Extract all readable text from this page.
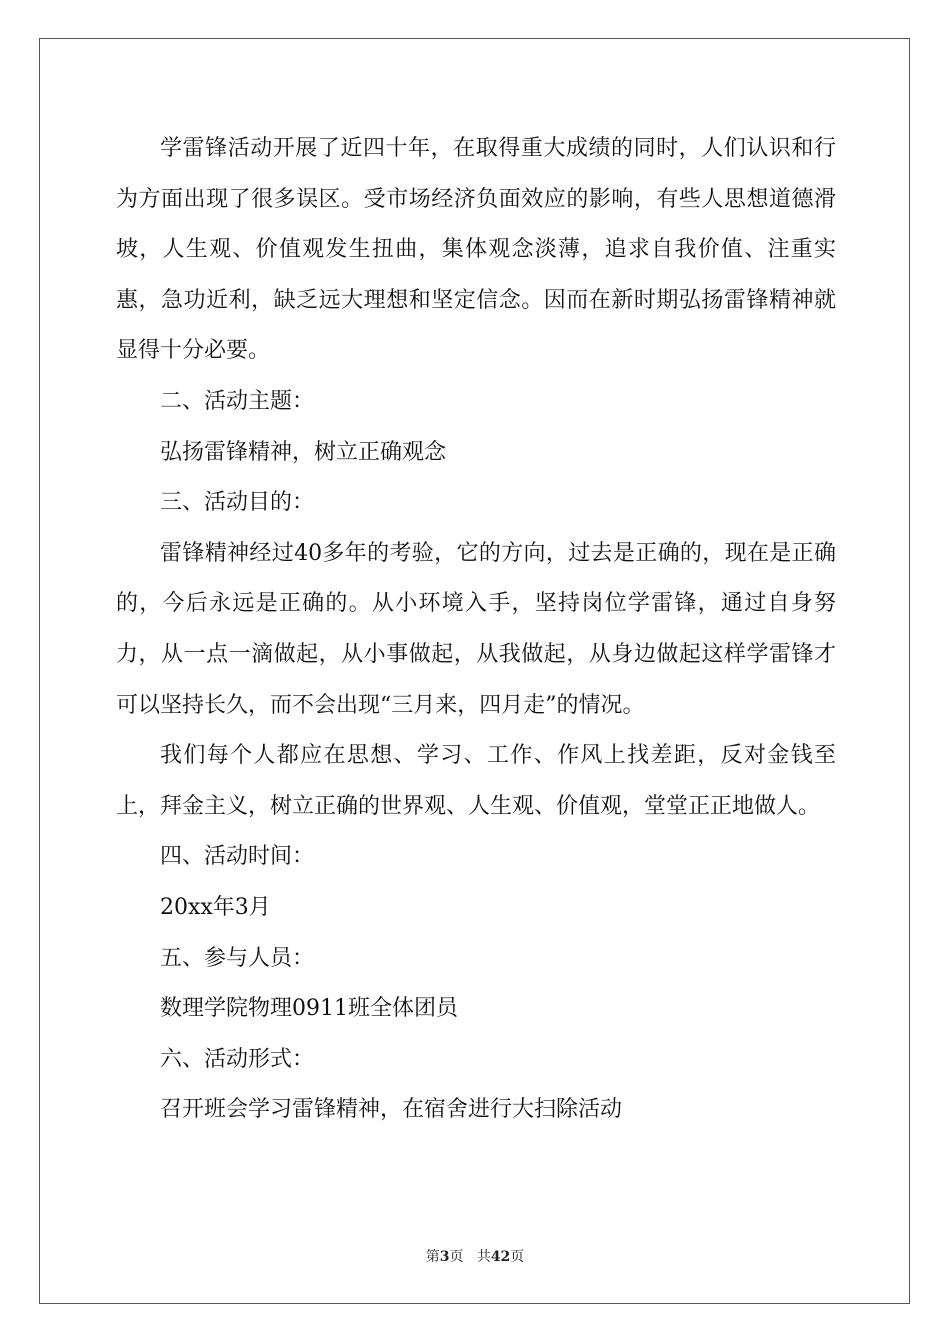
学雷锋活动开展了近四十年，在取得重大成绩的同时，人们认识和行为方面出现了很多误区。受市场经济负面效应的影响，有些人思想道德滑坡，人生观、价值观发生扭曲，集体观念淡薄，追求自我价值、注重实惠，急功近利，缺乏远大理想和坚定信念。因而在新时期弘扬雷锋精神就显得十分必要。

二、活动主题：

弘扬雷锋精神，树立正确观念

三、活动目的：

雷锋精神经过40多年的考验，它的方向，过去是正确的，现在是正确的，今后永远是正确的。从小环境入手，坚持岗位学雷锋，通过自身努力，从一点一滴做起，从小事做起，从我做起，从身边做起这样学雷锋才可以坚持长久，而不会出现“三月来，四月走”的情况。

我们每个人都应在思想、学习、工作、作风上找差距，反对金钱至上，拜金主义，树立正确的世界观、人生观、价值观，堂堂正正地做人。

四、活动时间：

20xx年3月

五、参与人员：

数理学院物理0911班全体团员

六、活动形式：

召开班会学习雷锋精神，在宿舍进行大扫除活动

第3页 共42页
